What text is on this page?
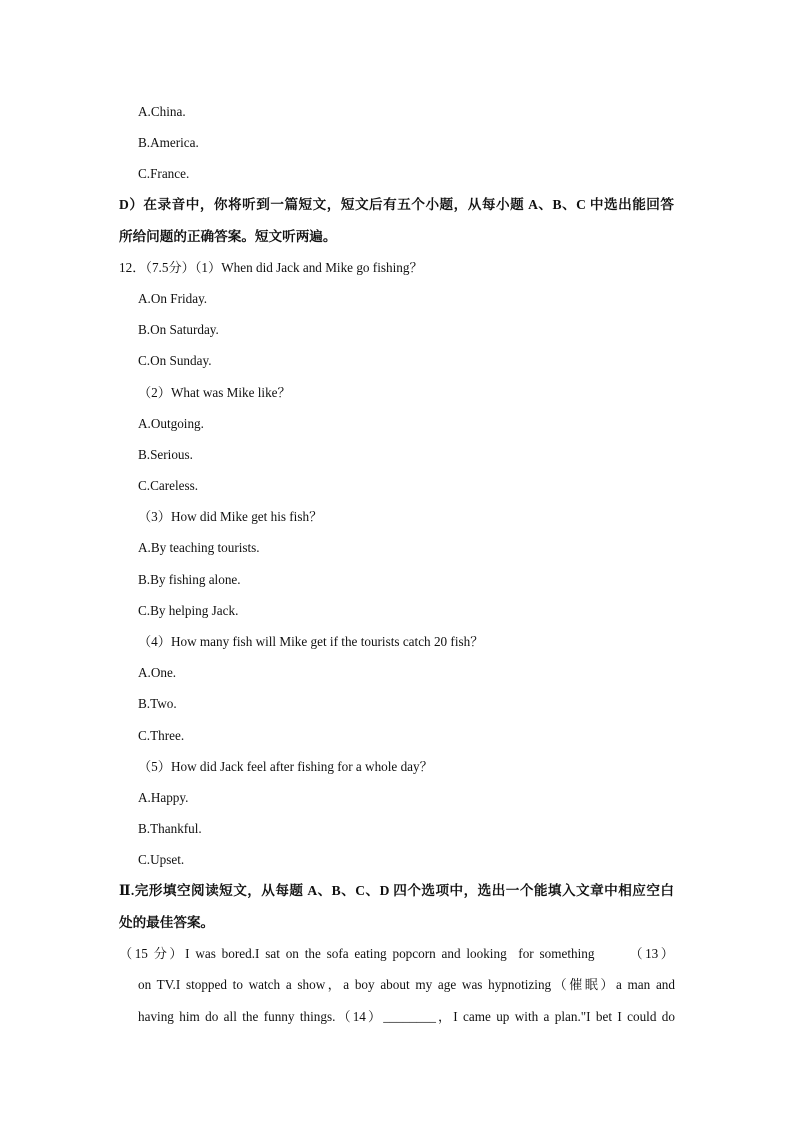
A.China.
B.America.
C.France.
D）在录音中，你将听到一篇短文，短文后有五个小题，从每小题 A、B、C 中选出能回答
所给问题的正确答案。短文听两遍。
12．（7.5分）（1）When did Jack and Mike go fishing？
A.On Friday.
B.On Saturday.
C.On Sunday.
（2）What was Mike like？
A.Outgoing.
B.Serious.
C.Careless.
（3）How did Mike get his fish？
A.By teaching tourists.
B.By fishing alone.
C.By helping Jack.
（4）How many fish will Mike get if the tourists catch 20 fish？
A.One.
B.Two.
C.Three.
（5）How did Jack feel after fishing for a whole day？
A.Happy.
B.Thankful.
C.Upset.
Ⅱ.完形填空阅读短文，从每题 A、B、C、D 四个选项中，选出一个能填入文章中相应空白
处的最佳答案。
（15 分）I was bored.I sat on the sofa eating popcorn and looking  for something      （13）
on TV.I stopped to watch a show，a boy about my age was hypnotizing（催眠）a man and
having him do all the funny things.（14）________，I came up with a plan."I bet I could do
